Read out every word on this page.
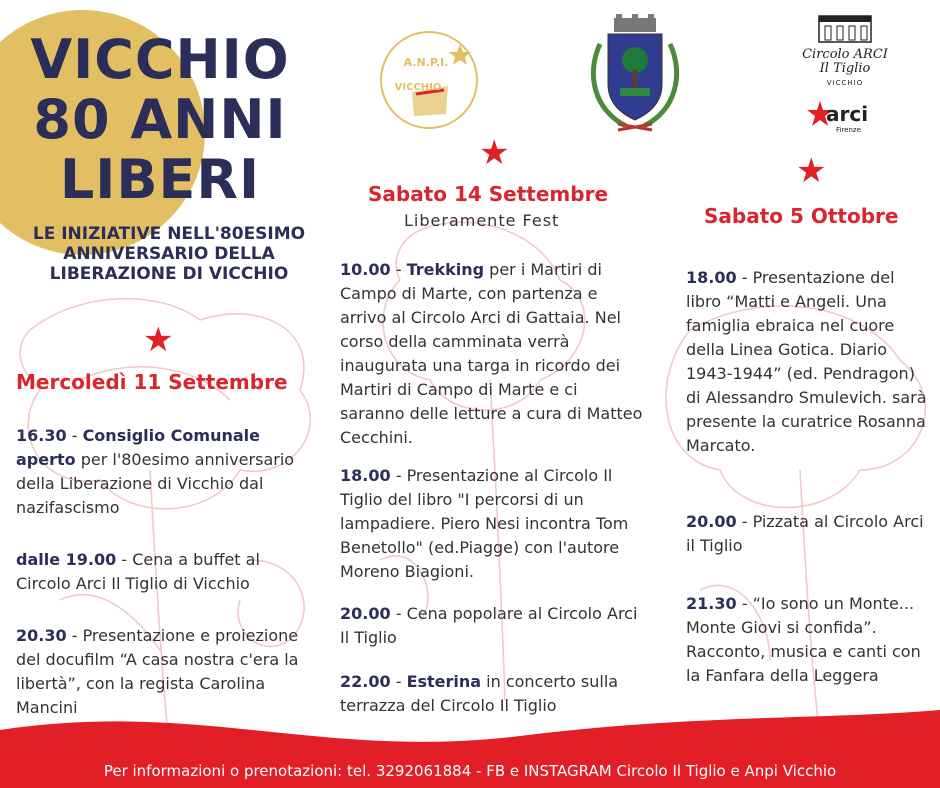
VICCHIO
80 ANNI
LIBERI
LE INIZIATIVE NELL'80ESIMO
ANNIVERSARIO DELLA
LIBERAZIONE DI VICCHIO
A.N.P.I.
VICCHIO
Circolo ARCI
Il Tiglio
VICCHIO
arci
Firenze
★
★	★
Mercoledì 11 Settembre
16.30 - Consiglio Comunale aperto per l'80esimo anniversario della Liberazione di Vicchio dal nazifascismo
dalle 19.00 - Cena a buffet al Circolo Arci Il Tiglio di Vicchio
20.30 - Presentazione e proiezione del docufilm “A casa nostra c'era la libertà”, con la regista Carolina Mancini
Sabato 14 Settembre
Liberamente Fest
10.00 - Trekking per i Martiri di Campo di Marte, con partenza e arrivo al Circolo Arci di Gattaia. Nel corso della camminata verrà inaugurata una targa in ricordo dei Martiri di Campo di Marte e ci saranno delle letture a cura di Matteo Cecchini.
18.00 - Presentazione al Circolo Il Tiglio del libro "I percorsi di un lampadiere. Piero Nesi incontra Tom Benetollo" (ed.Piagge) con l'autore Moreno Biagioni.
20.00 - Cena popolare al Circolo Arci Il Tiglio
22.00 - Esterina in concerto sulla terrazza del Circolo Il Tiglio
Sabato 5 Ottobre
18.00 - Presentazione del libro “Matti e Angeli. Una famiglia ebraica nel cuore della Linea Gotica. Diario 1943-1944” (ed. Pendragon) di Alessandro Smulevich. sarà presente la curatrice Rosanna Marcato.
20.00 - Pizzata al Circolo Arci il Tiglio
21.30 - “Io sono un Monte... Monte Giovi si confida”. Racconto, musica e canti con la Fanfara della Leggera
Per informazioni o prenotazioni: tel. 3292061884 - FB e INSTAGRAM Circolo Il Tiglio e Anpi Vicchio
